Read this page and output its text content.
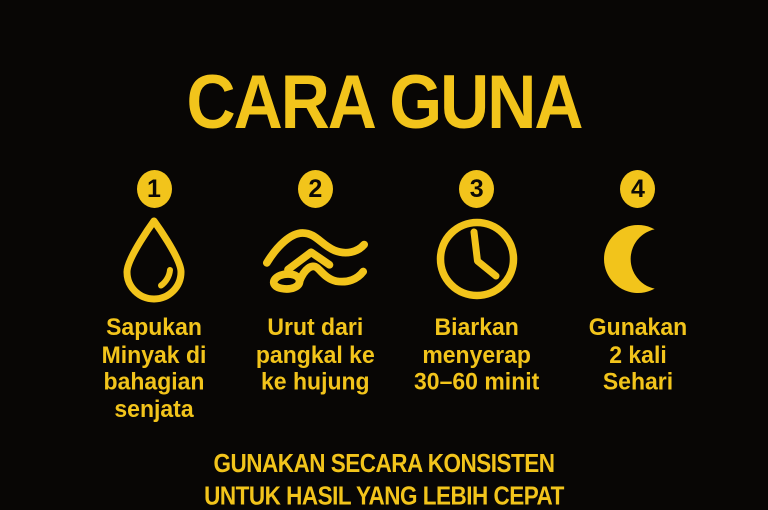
CARA GUNA
1
Sapukan
Minyak di
bahagian
senjata
2
Urut dari
pangkal ke
ke hujung
3
Biarkan
menyerap
30–60 minit
4
Gunakan
2 kali
Sehari
GUNAKAN SECARA KONSISTEN
UNTUK HASIL YANG LEBIH CEPAT
